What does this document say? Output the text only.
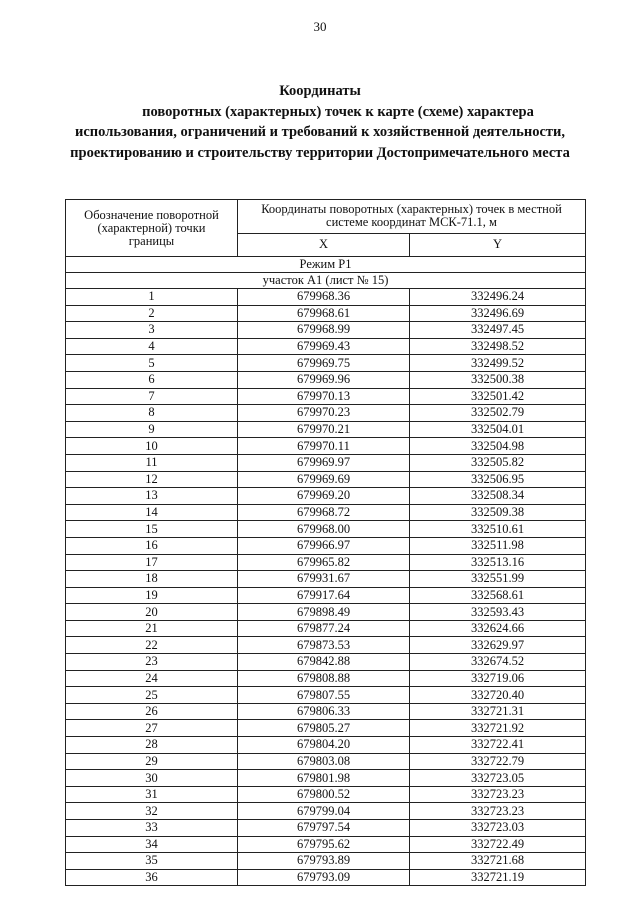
30
Координаты
поворотных (характерных) точек к карте (схеме) характера
использования, ограничений и требований к хозяйственной деятельности,
проектированию и строительству территории Достопримечательного места
Обозначение поворотной (характерной) точки границы	Координаты поворотных (характерных) точек в местной системе координат МСК-71.1, м	
	X	Y
Режим Р1		
участок А1 (лист № 15)		
1	679968.36	332496.24
2	679968.61	332496.69
3	679968.99	332497.45
4	679969.43	332498.52
5	679969.75	332499.52
6	679969.96	332500.38
7	679970.13	332501.42
8	679970.23	332502.79
9	679970.21	332504.01
10	679970.11	332504.98
11	679969.97	332505.82
12	679969.69	332506.95
13	679969.20	332508.34
14	679968.72	332509.38
15	679968.00	332510.61
16	679966.97	332511.98
17	679965.82	332513.16
18	679931.67	332551.99
19	679917.64	332568.61
20	679898.49	332593.43
21	679877.24	332624.66
22	679873.53	332629.97
23	679842.88	332674.52
24	679808.88	332719.06
25	679807.55	332720.40
26	679806.33	332721.31
27	679805.27	332721.92
28	679804.20	332722.41
29	679803.08	332722.79
30	679801.98	332723.05
31	679800.52	332723.23
32	679799.04	332723.23
33	679797.54	332723.03
34	679795.62	332722.49
35	679793.89	332721.68
36	679793.09	332721.19
